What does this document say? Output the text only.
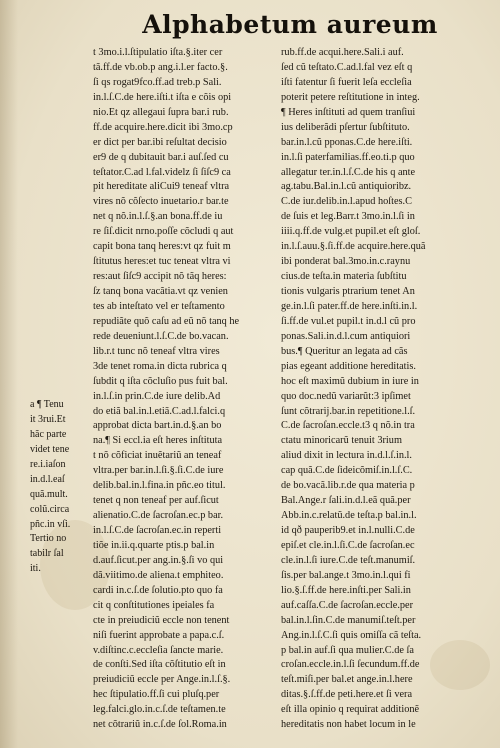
Alphabetum aureum
t 3mo.i.l.ſtipulatio iſta.§.iter cer
tã.ff.de vb.ob.p ang.i.l.er facto.§.
ſi qs rogat9fco.ff.ad treb.p Sali.
in.l.ſ.C.de here.iſti.t iſta e cõis opi
nio.Et qz allegaui ſupra bar.i rub.
ff.de acquire.here.dicit ibi 3mo.cp
er dict per bar.ibi reſultat decisio
er9 de q dubitauit bar.i auſ.ſed cu
teſtator.C.ad l.fal.videlz ſi ſiſc9 ca
pit hereditate aliCui9 teneaf vltra
vires nõ cõſecto inuetario.r bar.te
net q nõ.in.l.ſ.§.an bona.ff.de iu
re ſiſ.dicit nrno.poſſe cõcludi q aut
capit bona tanq heres:vt qz fuit m
ſtitutus heres:et tuc teneat vltra vi
res:aut ſiſc9 accipit nõ tãq heres:
ſz tanq bona vacãtia.vt qz venien
tes ab inteſtato vel er teſtamento
repudiãte quõ caſu ad eũ nõ tanq he
rede deueniunt.l.ſ.C.de bo.vacan.
lib.r.t tunc nõ teneaf vltra vires
3de tenet roma.in dicta rubrica q
ſubdit q iſta cõcluſio pus fuit bal.
in.l.ſ.in prin.C.de iure delib.Ad
do etiã bal.in.l.etiã.C.ad.l.falci.q
approbat dicta bart.in.d.§.an bo
na.¶ Si eccl.ia eſt heres inſtituta
t nõ cõficiat inuẽtariũ an teneaf
vltra.per bar.in.l.ſi.§.ſi.C.de iure
delib.bal.in.l.fina.in pñc.eo titul.
tenet q non teneaf per auf.ſicut
alienatio.C.de ſacroſan.ec.p bar.
in.l.ſ.C.de ſacroſan.ec.in reperti
tiõe in.ii.q.quarte ptis.p bal.in
d.auf.ſicut.per ang.in.§.ſi vo qui
dã.viitimo.de aliena.t emphiteo.
cardi in.c.ſ.de ſolutio.pto quo fa
cit q conſtitutiones ipeiales fa
cte in preiudiciũ eccle non tenent
niſi fuerint approbate a papa.c.ſ.
v.diſtinc.c.eccleſia ſancte marie.
de conſti.Sed iſta cõſtitutio eſt in
preiudiciũ eccle per Ange.in.l.ſ.§.
hec ſtipulatio.ff.ſi cui pluſq.per
leg.falci.glo.in.c.ſ.de teſtamen.te
net cõtrariũ in.c.ſ.de ſol.Roma.in
rub.ff.de acqui.here.Sali.i auf.
ſed cũ teſtato.C.ad.l.fal vez eſt q
iſti fatentur ſi fuerit leſa eccleſia
poterit petere reſtitutione in integ.
¶ Heres inſtituti ad quem tranſiui
ius deliberãdi pſertur ſubſtituto.
bar.in.l.cũ pponas.C.de here.iſti.
in.l.ſi paterfamilias.ff.eo.ti.p quo
allegatur ter.in.l.ſ.C.de his q ante
ag.tabu.Bal.in.l.cũ antiquioribz.
C.de iur.delib.in.l.apud hoſtes.C
de ſuis et leg.Barr.t 3mo.in.l.ſi in
iiii.q.ff.de vulg.et pupil.et eſt gloſ.
in.l.ſ.auu.§.ſi.ff.de acquire.here.quã
ibi ponderat bal.3mo.in.c.raynu
cius.de teſta.in materia ſubſtitu
tionis vulgaris ptrarium tenet An
ge.in.l.ſi pater.ff.de here.inſti.in.l.
ſi.ff.de vul.et pupil.t in.d.l cũ pro
ponas.Sali.in.d.l.cum antiquiori
bus.¶ Queritur an legata ad cãs
pias egeant additione hereditatis.
hoc eſt maximũ dubium in iure in
quo doc.nedũ variarũt:3 ipſimet
ſunt cõtrarij.bar.in repetitione.l.ſ.
C.de ſacroſan.eccle.t3 q nõ.in tra
ctatu minoricarũ tenuit 3rium
aliud dixit in lectura in.d.l.ſ.in.l.
cap quã.C.de ſideicõmiſ.in.l.ſ.C.
de bo.vacã.lib.r.de qua materia p
Bal.Ange.r ſali.in.d.l.eã quã.per
Abb.in.c.relatũ.de teſta.p bal.in.l.
id qð pauperib9.et in.l.nulli.C.de
epiſ.et cle.in.l.ſi.C.de ſacroſan.ec
cle.in.l.ſi iure.C.de teſt.manumiſ.
ſis.per bal.ange.t 3mo.in.l.qui fi
lio.§.ſ.ff.de here.inſti.per Sali.in
auf.caſſa.C.de ſacroſan.eccle.per
bal.in.l.ſin.C.de manumiſ.teſt.per
Ang.in.l.ſ.C.ſi quis omiſſa cã teſta.
p bal.in auf.ſi qua mulier.C.de ſa
croſan.eccle.in.l.ſi ſecundum.ff.de
teſt.miſi.per bal.et ange.in.l.here
ditas.§.ſ.ff.de peti.here.et ſi vera
eſt illa opinio q requirat additionẽ
hereditatis non habet locum in le
a ¶ Tenu
it 3rui.Et
hãc parte
videt tene
re.i.iaſon
in.d.l.eaſ
quã.mult.
colũ.circa
pñc.in vſi.
Tertio no
tabilr ſal
iti.
